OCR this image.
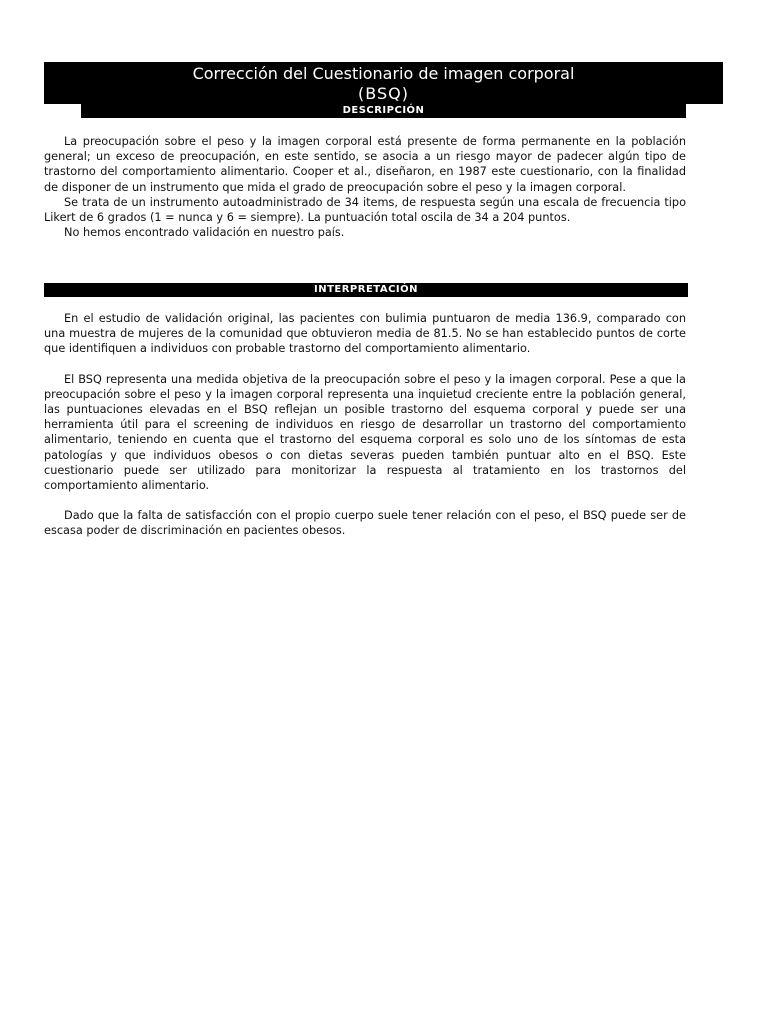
Corrección del Cuestionario de imagen corporal
(BSQ)
DESCRIPCIÓN

La preocupación sobre el peso y la imagen corporal está presente de forma permanente en la población general; un exceso de preocupación, en este sentido, se asocia a un riesgo mayor de padecer algún tipo de trastorno del comportamiento alimentario. Cooper et al., diseñaron, en 1987 este cuestionario, con la finalidad de disponer de un instrumento que mida el grado de preocupación sobre el peso y la imagen corporal.

Se trata de un instrumento autoadministrado de 34 items, de respuesta según una escala de frecuencia tipo Likert de 6 grados (1 = nunca y 6 = siempre). La puntuación total oscila de 34 a 204 puntos.

No hemos encontrado validación en nuestro país.

INTERPRETACIÓN

En el estudio de validación original, las pacientes con bulimia puntuaron de media 136.9, comparado con una muestra de mujeres de la comunidad que obtuvieron media de 81.5. No se han establecido puntos de corte que identifiquen a individuos con probable trastorno del comportamiento alimentario.

El BSQ representa una medida objetiva de la preocupación sobre el peso y la imagen corporal. Pese a que la preocupación sobre el peso y la imagen corporal representa una inquietud creciente entre la población general, las puntuaciones elevadas en el BSQ reflejan un posible trastorno del esquema corporal y puede ser una herramienta útil para el screening de individuos en riesgo de desarrollar un trastorno del comportamiento alimentario, teniendo en cuenta que el trastorno del esquema corporal es solo uno de los síntomas de esta patologías y que individuos obesos o con dietas severas pueden también puntuar alto en el BSQ. Este cuestionario puede ser utilizado para monitorizar la respuesta al tratamiento en los trastornos del comportamiento alimentario.

Dado que la falta de satisfacción con el propio cuerpo suele tener relación con el peso, el BSQ puede ser de escasa poder de discriminación en pacientes obesos.
